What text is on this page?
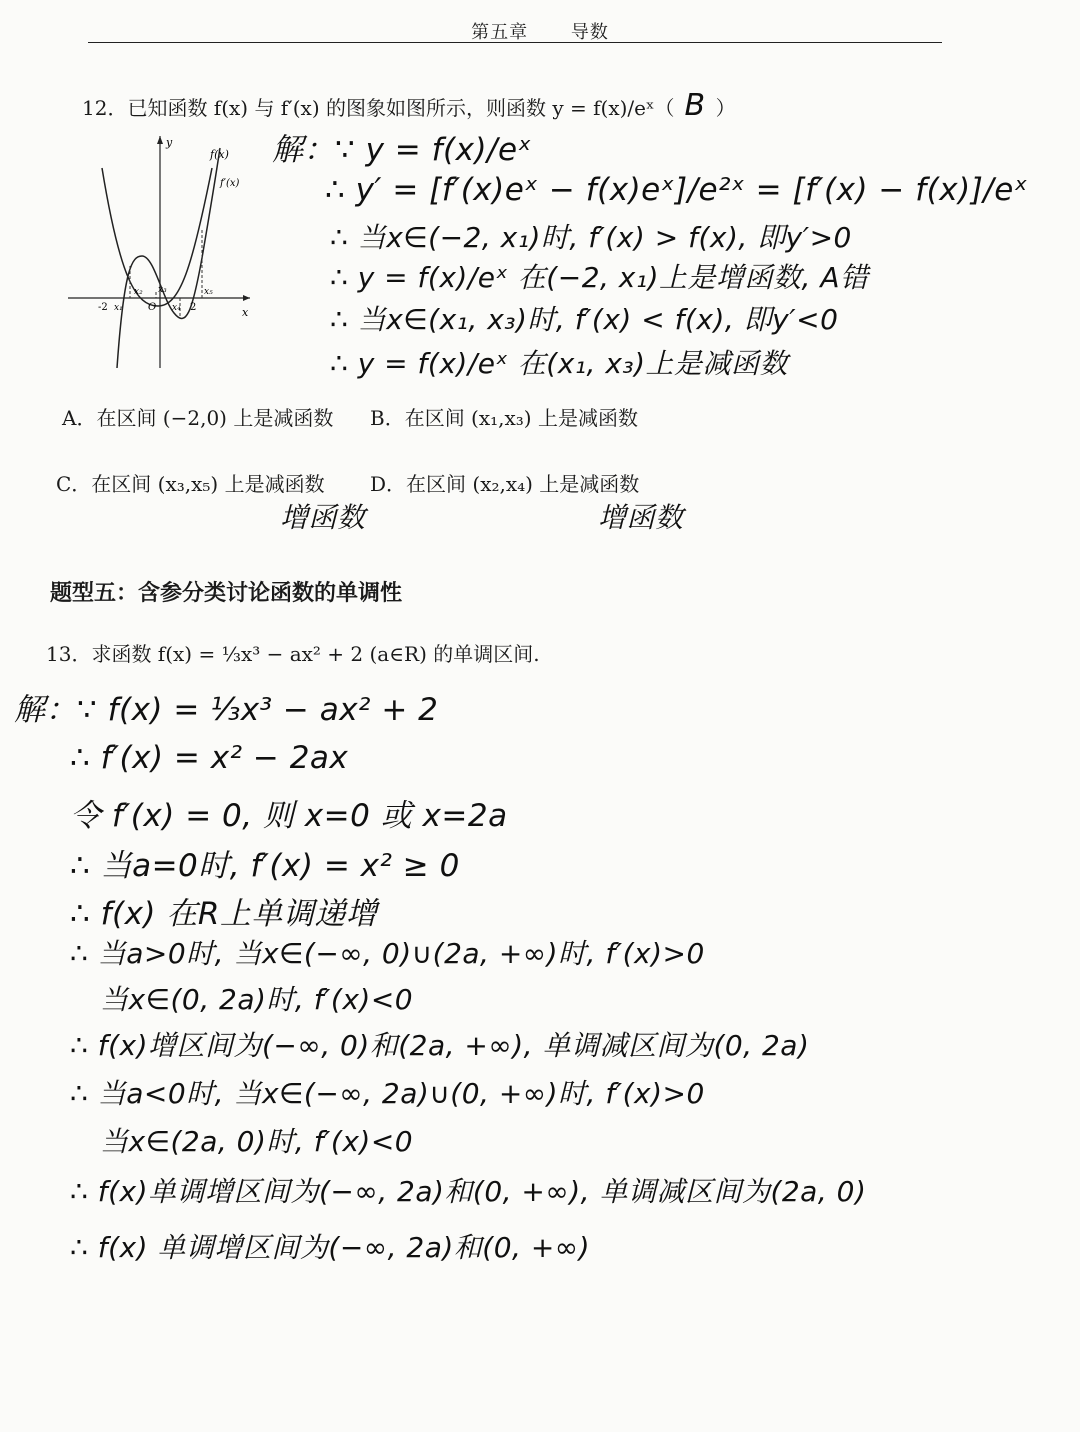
第五章 导数
12．已知函数 f(x) 与 f′(x) 的图象如图所示，则函数 y = f(x)/eˣ（ B ）
y
f(x)
f′(x)
x
-2 x₁
x₂
O
x₃
x₄ 2
x₅
解：∵ y = f(x)/eˣ
∴ y′ = [f′(x)eˣ − f(x)eˣ]/e²ˣ = [f′(x) − f(x)]/eˣ
∴ 当x∈(−2, x₁)时, f′(x) > f(x), 即y′>0
∴ y = f(x)/eˣ 在(−2, x₁)上是增函数, A错
∴ 当x∈(x₁, x₃)时, f′(x) < f(x), 即y′<0
∴ y = f(x)/eˣ 在(x₁, x₃)上是减函数
A．在区间 (−2,0) 上是减函数 B．在区间 (x₁,x₃) 上是减函数
C．在区间 (x₃,x₅) 上是减函数 D．在区间 (x₂,x₄) 上是减函数
增函数	增函数
题型五：含参分类讨论函数的单调性
13．求函数 f(x) = ⅓x³ − ax² + 2 (a∈R) 的单调区间.
解：∵ f(x) = ⅓x³ − ax² + 2
∴ f′(x) = x² − 2ax
令 f′(x) = 0, 则 x=0 或 x=2a
∴ 当a=0时, f′(x) = x² ≥ 0
∴ f(x) 在R上单调递增
∴ 当a>0时, 当x∈(−∞, 0)∪(2a, +∞)时, f′(x)>0
当x∈(0, 2a)时, f′(x)<0
∴ f(x)增区间为(−∞, 0)和(2a, +∞), 单调减区间为(0, 2a)
∴ 当a<0时, 当x∈(−∞, 2a)∪(0, +∞)时, f′(x)>0
当x∈(2a, 0)时, f′(x)<0
∴ f(x)单调增区间为(−∞, 2a)和(0, +∞), 单调减区间为(2a, 0)
∴ f(x) 单调增区间为(−∞, 2a)和(0, +∞)
